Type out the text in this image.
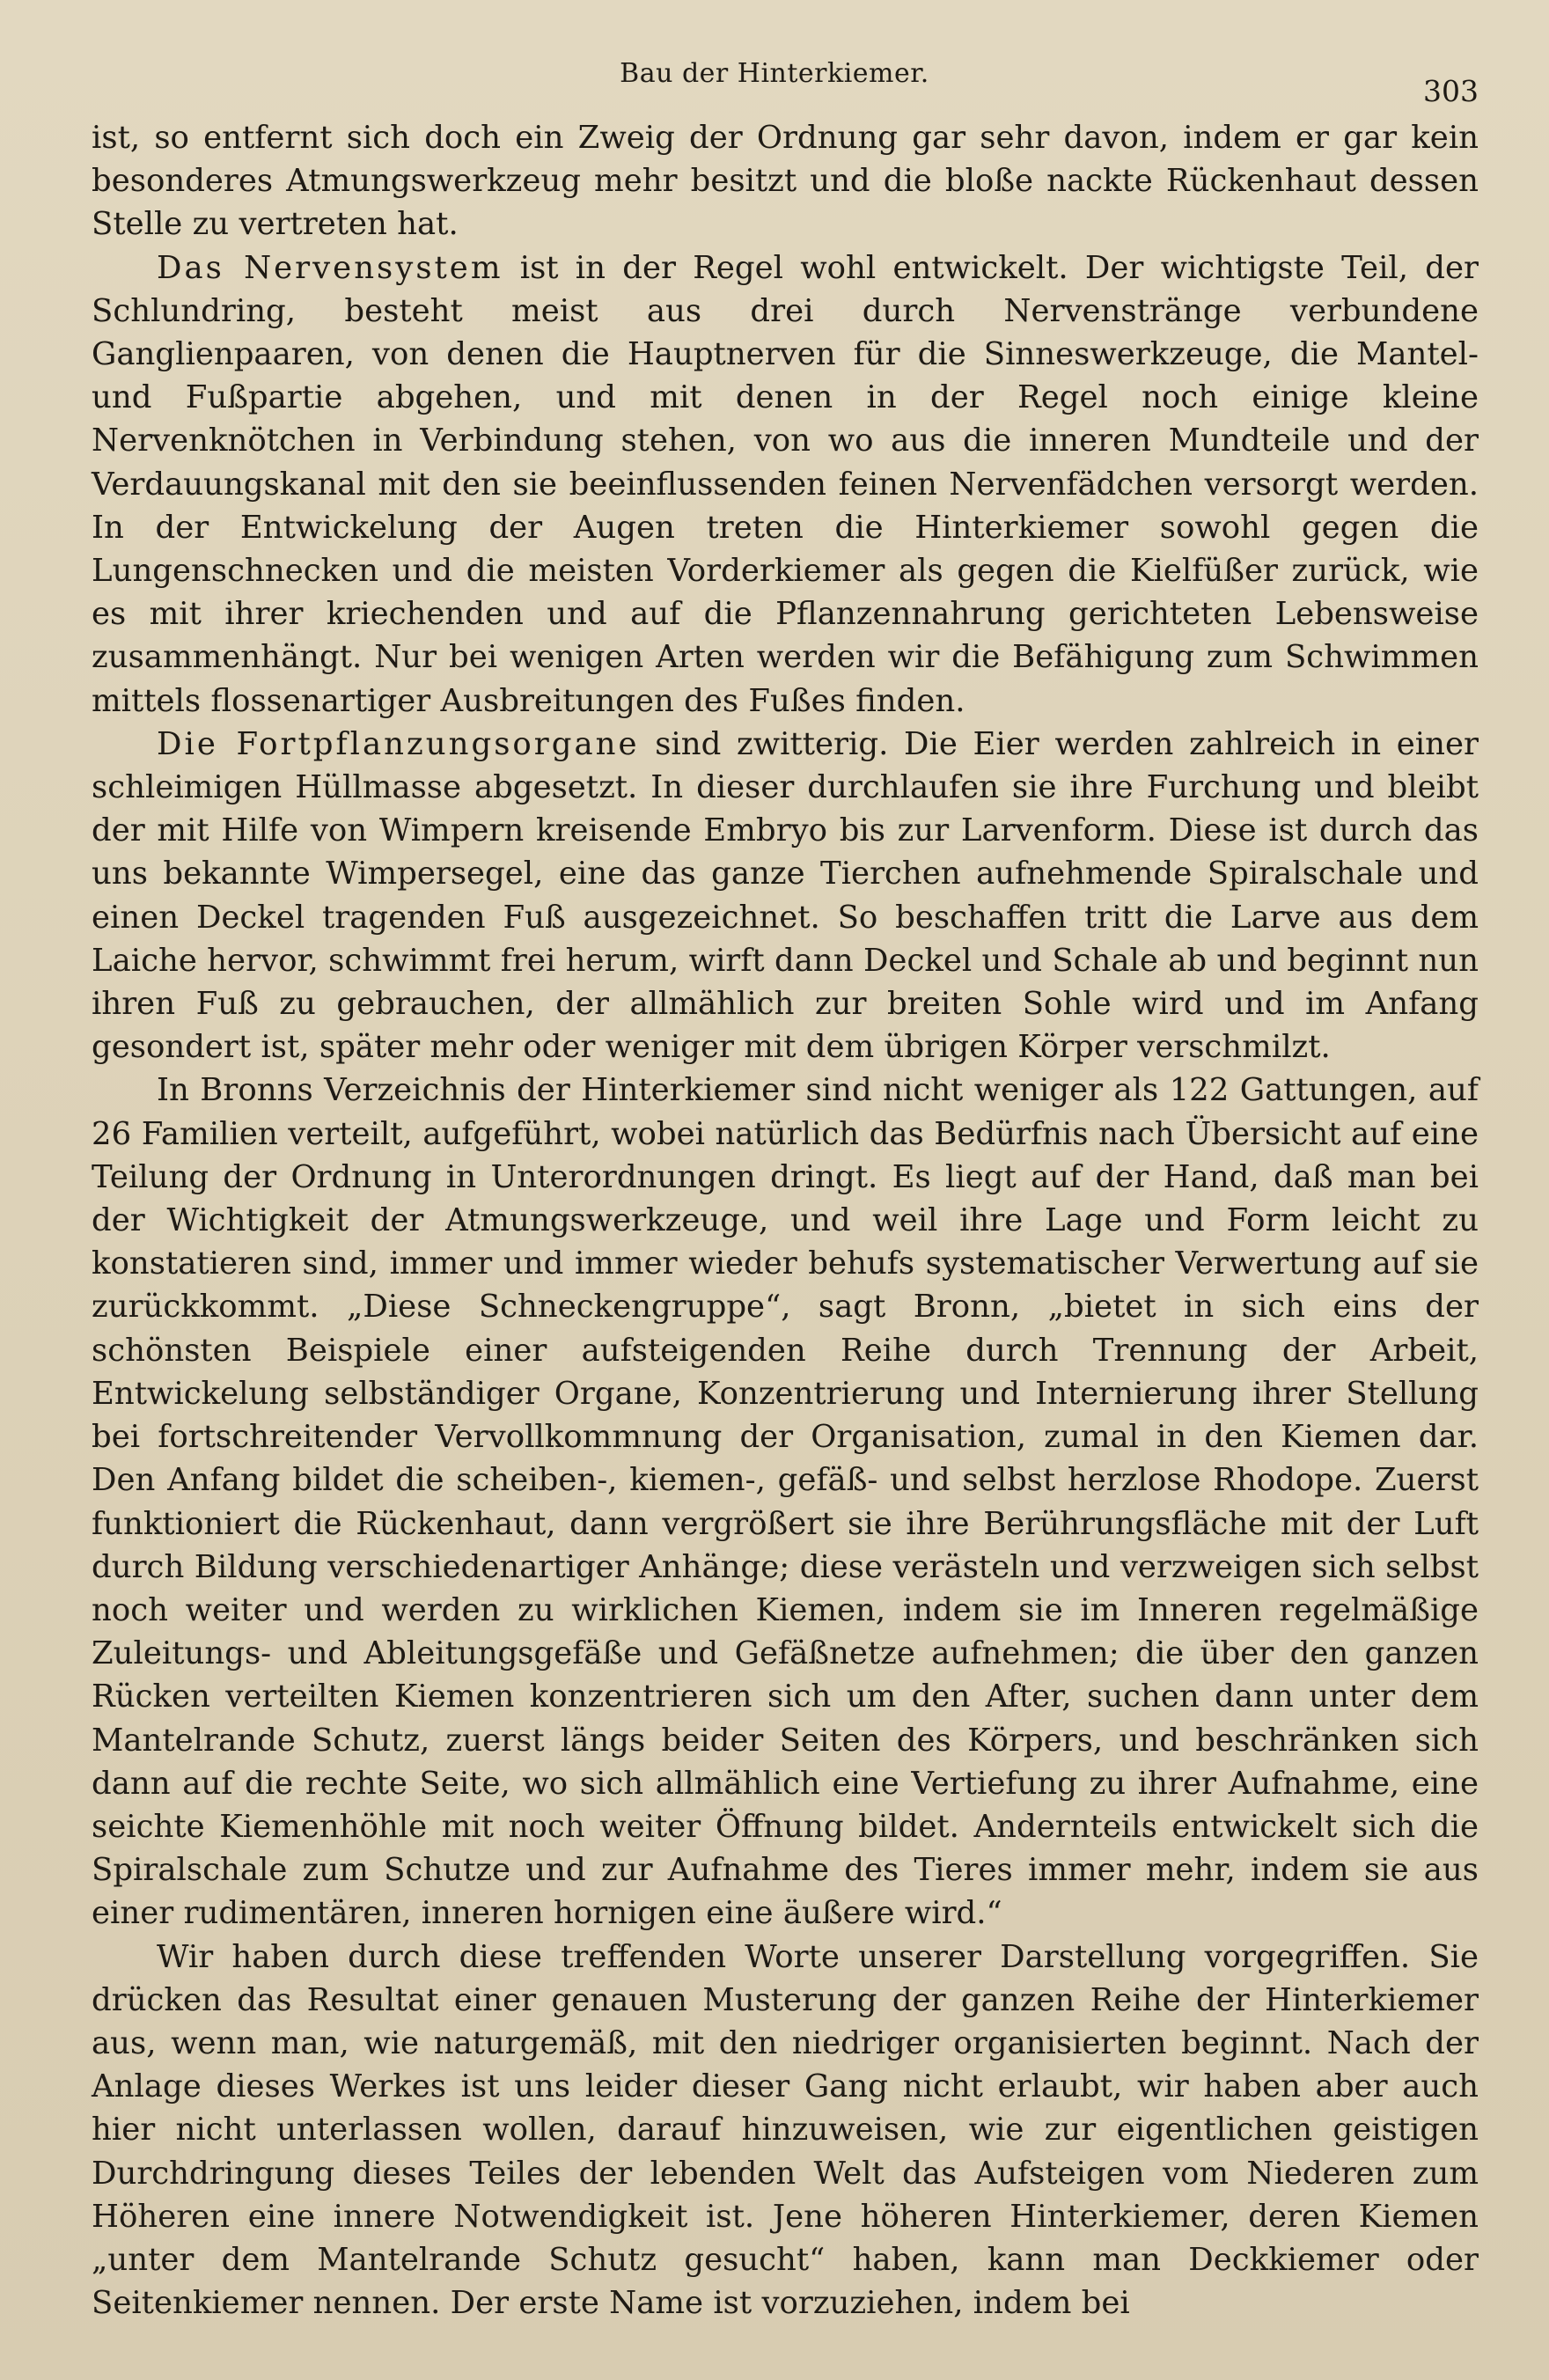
Bau der Hinterkiemer.
303

ist, so entfernt sich doch ein Zweig der Ordnung gar sehr davon, indem er gar kein besonderes Atmungswerkzeug mehr besitzt und die bloße nackte Rückenhaut dessen Stelle zu vertreten hat.

Das Nervensystem ist in der Regel wohl entwickelt. Der wichtigste Teil, der Schlundring, besteht meist aus drei durch Nervenstränge verbundene Ganglienpaaren, von denen die Hauptnerven für die Sinneswerkzeuge, die Mantel- und Fußpartie abgehen, und mit denen in der Regel noch einige kleine Nervenknötchen in Verbindung stehen, von wo aus die inneren Mundteile und der Verdauungskanal mit den sie beeinflussenden feinen Nervenfädchen versorgt werden. In der Entwickelung der Augen treten die Hinterkiemer sowohl gegen die Lungenschnecken und die meisten Vorderkiemer als gegen die Kielfüßer zurück, wie es mit ihrer kriechenden und auf die Pflanzennahrung gerichteten Lebensweise zusammenhängt. Nur bei wenigen Arten werden wir die Befähigung zum Schwimmen mittels flossenartiger Ausbreitungen des Fußes finden.

Die Fortpflanzungsorgane sind zwitterig. Die Eier werden zahlreich in einer schleimigen Hüllmasse abgesetzt. In dieser durchlaufen sie ihre Furchung und bleibt der mit Hilfe von Wimpern kreisende Embryo bis zur Larvenform. Diese ist durch das uns bekannte Wimpersegel, eine das ganze Tierchen aufnehmende Spiralschale und einen Deckel tragenden Fuß ausgezeichnet. So beschaffen tritt die Larve aus dem Laiche hervor, schwimmt frei herum, wirft dann Deckel und Schale ab und beginnt nun ihren Fuß zu gebrauchen, der allmählich zur breiten Sohle wird und im Anfang gesondert ist, später mehr oder weniger mit dem übrigen Körper verschmilzt.

In Bronns Verzeichnis der Hinterkiemer sind nicht weniger als 122 Gattungen, auf 26 Familien verteilt, aufgeführt, wobei natürlich das Bedürfnis nach Übersicht auf eine Teilung der Ordnung in Unterordnungen dringt. Es liegt auf der Hand, daß man bei der Wichtigkeit der Atmungswerkzeuge, und weil ihre Lage und Form leicht zu konstatieren sind, immer und immer wieder behufs systematischer Verwertung auf sie zurückkommt. „Diese Schneckengruppe“, sagt Bronn, „bietet in sich eins der schönsten Beispiele einer aufsteigenden Reihe durch Trennung der Arbeit, Entwickelung selbständiger Organe, Konzentrierung und Internierung ihrer Stellung bei fortschreitender Vervollkommnung der Organisation, zumal in den Kiemen dar. Den Anfang bildet die scheiben-, kiemen-, gefäß- und selbst herzlose Rhodope. Zuerst funktioniert die Rückenhaut, dann vergrößert sie ihre Berührungsfläche mit der Luft durch Bildung verschiedenartiger Anhänge; diese verästeln und verzweigen sich selbst noch weiter und werden zu wirklichen Kiemen, indem sie im Inneren regelmäßige Zuleitungs- und Ableitungsgefäße und Gefäßnetze aufnehmen; die über den ganzen Rücken verteilten Kiemen konzentrieren sich um den After, suchen dann unter dem Mantelrande Schutz, zuerst längs beider Seiten des Körpers, und beschränken sich dann auf die rechte Seite, wo sich allmählich eine Vertiefung zu ihrer Aufnahme, eine seichte Kiemenhöhle mit noch weiter Öffnung bildet. Andernteils entwickelt sich die Spiralschale zum Schutze und zur Aufnahme des Tieres immer mehr, indem sie aus einer rudimentären, inneren hornigen eine äußere wird.“

Wir haben durch diese treffenden Worte unserer Darstellung vorgegriffen. Sie drücken das Resultat einer genauen Musterung der ganzen Reihe der Hinterkiemer aus, wenn man, wie naturgemäß, mit den niedriger organisierten beginnt. Nach der Anlage dieses Werkes ist uns leider dieser Gang nicht erlaubt, wir haben aber auch hier nicht unterlassen wollen, darauf hinzuweisen, wie zur eigentlichen geistigen Durchdringung dieses Teiles der lebenden Welt das Aufsteigen vom Niederen zum Höheren eine innere Notwendigkeit ist. Jene höheren Hinterkiemer, deren Kiemen „unter dem Mantelrande Schutz gesucht“ haben, kann man Deckkiemer oder Seitenkiemer nennen. Der erste Name ist vorzuziehen, indem bei
